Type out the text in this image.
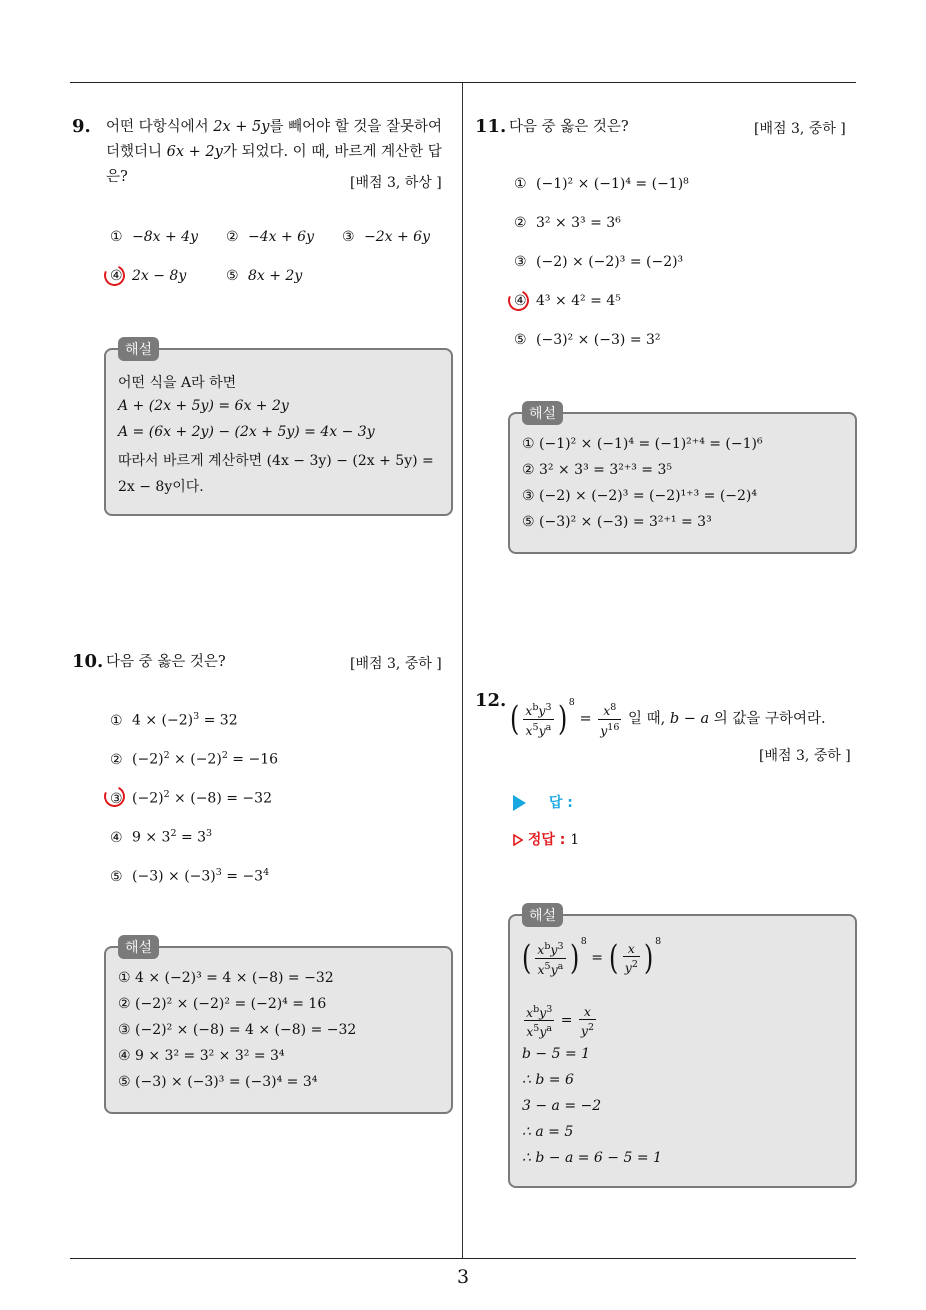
3
9. 어떤 다항식에서 2x + 5y를 빼어야 할 것을 잘못하여
더했더니 6x + 2y가 되었다. 이 때, 바르게 계산한 답
은?	[배점 3, 하상 ]
① −8x + 4y ② −4x + 6y ③ −2x + 6y
④ 2x − 8y	⑤ 8x + 2y
어떤 식을 A라 하면
A + (2x + 5y) = 6x + 2y
A = (6x + 2y) − (2x + 5y) = 4x − 3y
따라서 바르게 계산하면 (4x − 3y) − (2x + 5y) =
2x − 8y이다.
해설
10. 다음 중 옳은 것은?	[배점 3, 중하 ]
① $4 \times (-2)^3 = 32$
② $(-2)^2 \times (-2)^2 = -16$
③ $(-2)^2 \times (-8) = -32$
④ $9 \times 3^2 = 3^3$
⑤ $(-3) \times (-3)^3 = -3^4$
① 4 × (−2)³ = 4 × (−8) = −32
② (−2)² × (−2)² = (−2)⁴ = 16
③ (−2)² × (−8) = 4 × (−8) = −32
④ 9 × 3² = 3² × 3² = 3⁴
⑤ (−3) × (−3)³ = (−3)⁴ = 3⁴
해설
11. 다음 중 옳은 것은?	[배점 3, 중하 ]
① (−1)² × (−1)⁴ = (−1)⁸
② 3² × 3³ = 3⁶
③ (−2) × (−2)³ = (−2)³
④ 4³ × 4² = 4⁵
⑤ (−3)² × (−3) = 3²
① (−1)² × (−1)⁴ = (−1)²⁺⁴ = (−1)⁶
② 3² × 3³ = 3²⁺³ = 3⁵
③ (−2) × (−2)³ = (−2)¹⁺³ = (−2)⁴
⑤ (−3)² × (−3) = 3²⁺¹ = 3³
해설
12. ( $\frac{x^by^3}{x^5y^a}$ ) $^8 = \frac{x^8}{y^{16}}$ 일 때, b − a 의 값을 구하여라.
[배점 3, 중하 ]
답 :
정답 : 1
( $\frac{x^by^3}{x^5y^a}$ ) $^8$ = ( $\frac{x}{y^2}$ ) $^8$
$\frac{x^by^3}{x^5y^a} = \frac{x}{y^2}$
b − 5 = 1
∴ b = 6
3 − a = −2
∴ a = 5
∴ b − a = 6 − 5 = 1
해설
